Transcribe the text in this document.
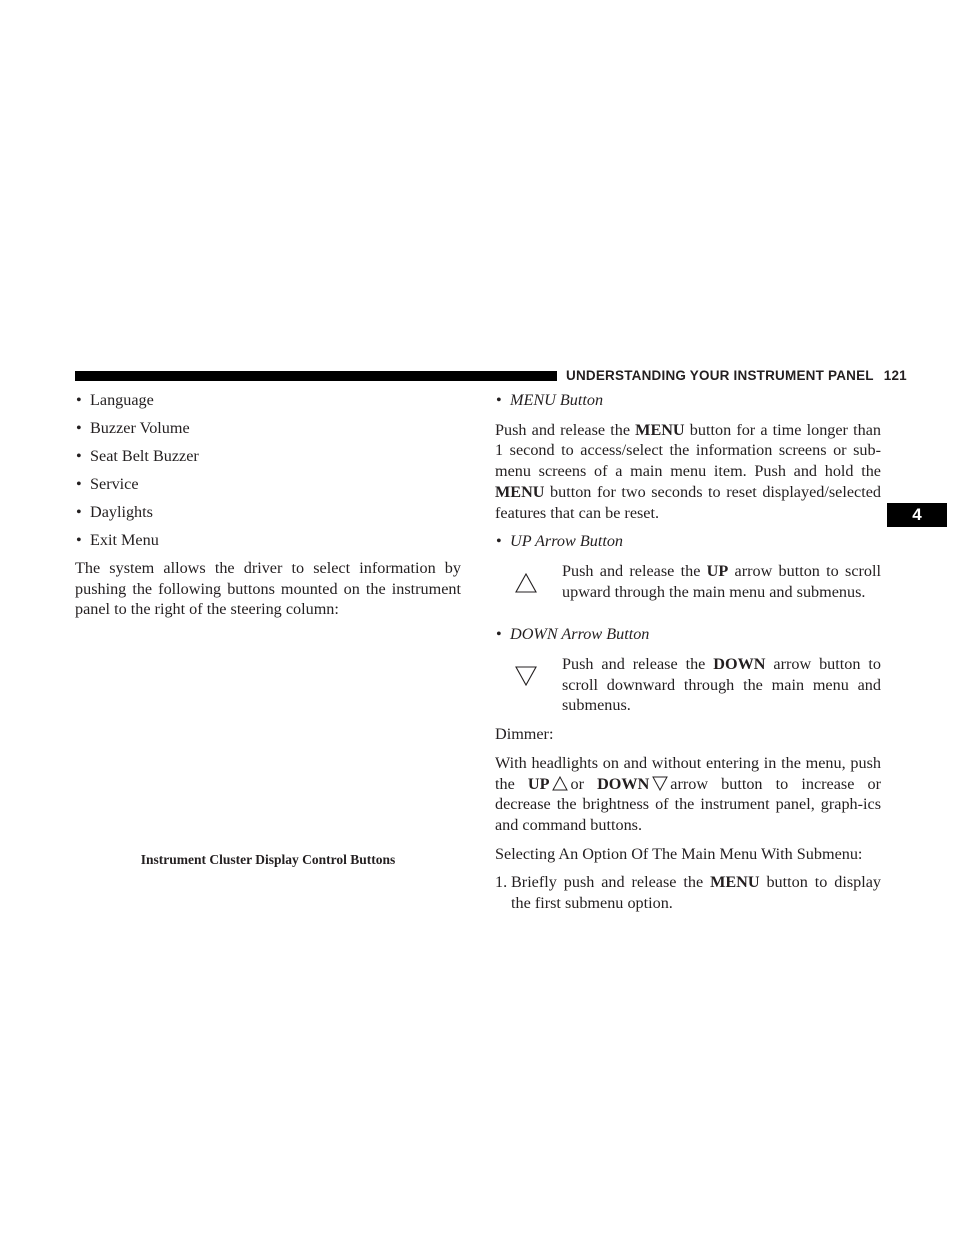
UNDERSTANDING YOUR INSTRUMENT PANEL 121
4
• Language
• Buzzer Volume
• Seat Belt Buzzer
• Service
• Daylights
• Exit Menu

The system allows the driver to select information by pushing the following buttons mounted on the instrument panel to the right of the steering column:

Instrument Cluster Display Control Buttons
• MENU Button

Push and release the MENU button for a time longer than 1 second to access/select the information screens or sub-menu screens of a main menu item. Push and hold the MENU button for two seconds to reset displayed/selected features that can be reset.

• UP Arrow Button

Push and release the UP arrow button to scroll upward through the main menu and submenus.

• DOWN Arrow Button

Push and release the DOWN arrow button to scroll downward through the main menu and submenus.

Dimmer:

With headlights on and without entering in the menu, push the UP or DOWN arrow button to increase or decrease the brightness of the instrument panel, graph-ics and command buttons.

Selecting An Option Of The Main Menu With Submenu:

1. Briefly push and release the MENU button to display the first submenu option.
